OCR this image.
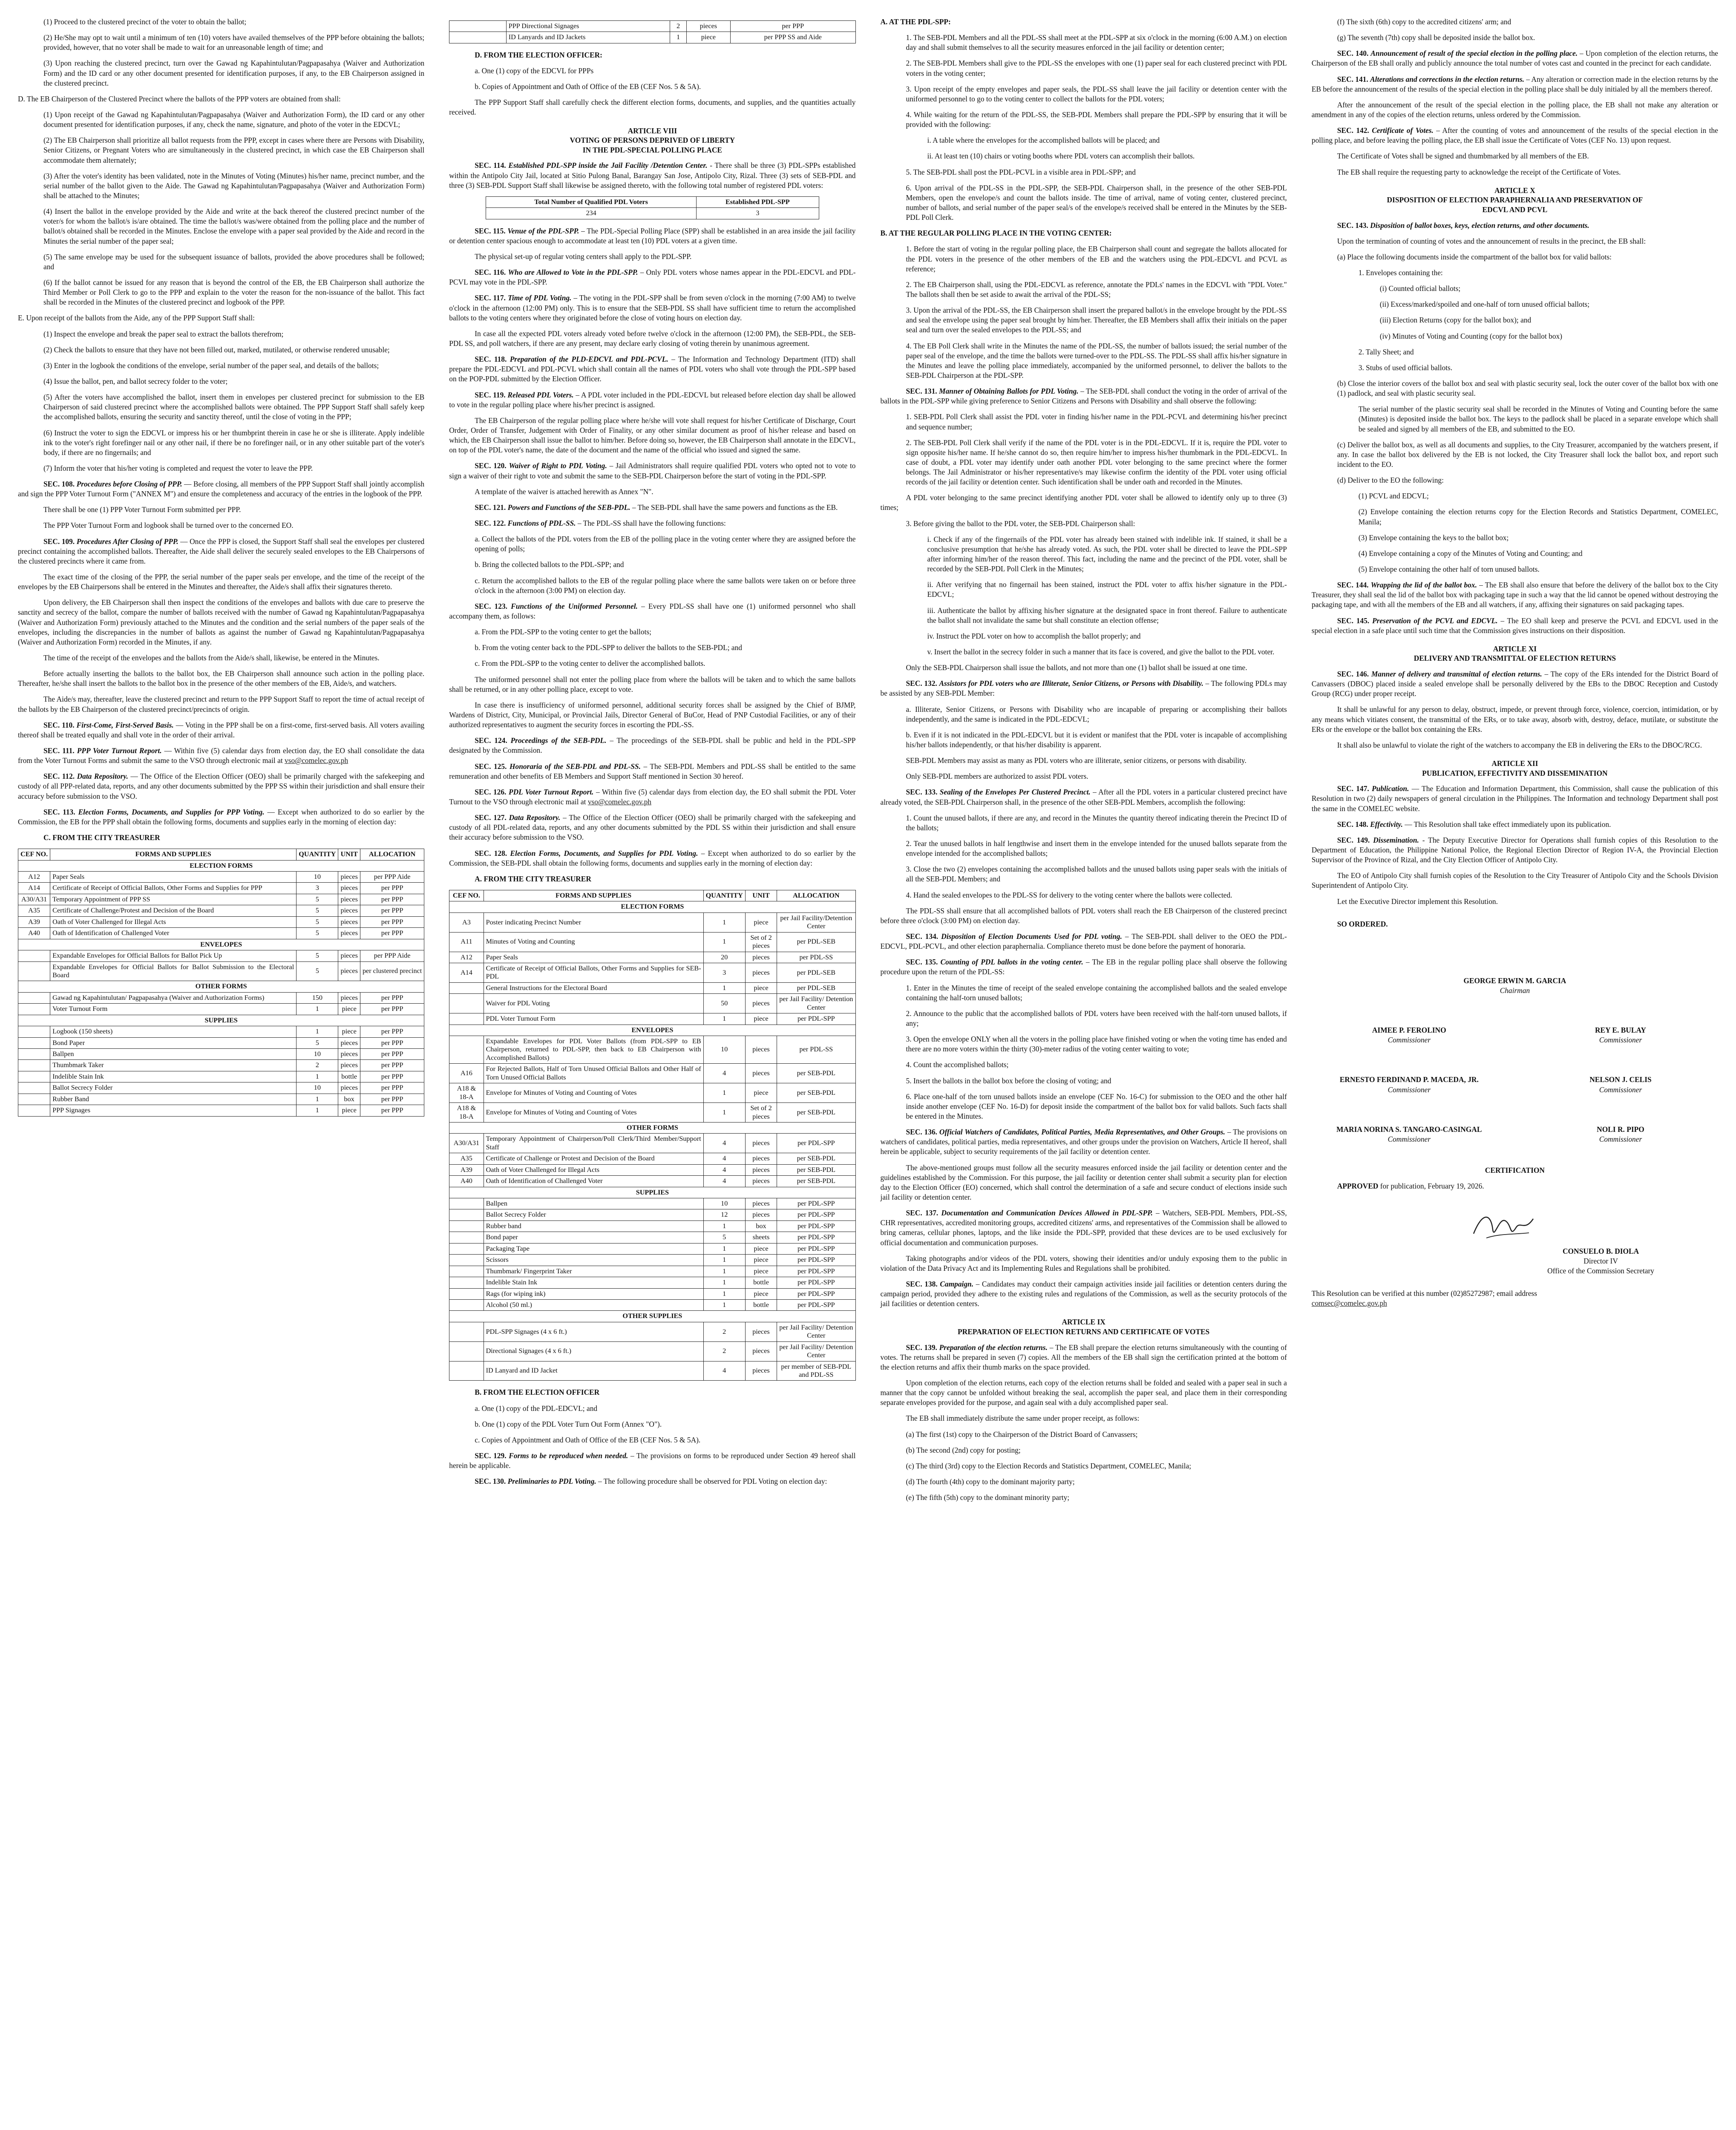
(1) Proceed to the clustered precinct of the voter to obtain the ballot;

(2) He/She may opt to wait until a minimum of ten (10) voters have availed themselves of the PPP before obtaining the ballots; provided, however, that no voter shall be made to wait for an unreasonable length of time; and

(3) Upon reaching the clustered precinct, turn over the Gawad ng Kapahintulutan/Pagpapasahya (Waiver and Authorization Form) and the ID card or any other document presented for identification purposes, if any, to the EB Chairperson assigned in the clustered precinct.

D. The EB Chairperson of the Clustered Precinct where the ballots of the PPP voters are obtained from shall:

(1) Upon receipt of the Gawad ng Kapahintulutan/Pagpapasahya (Waiver and Authorization Form), the ID card or any other document presented for identification purposes, if any, check the name, signature, and photo of the voter in the EDCVL;

(2) The EB Chairperson shall prioritize all ballot requests from the PPP, except in cases where there are Persons with Disability, Senior Citizens, or Pregnant Voters who are simultaneously in the clustered precinct, in which case the EB Chairperson shall accommodate them alternately;

(3) After the voter's identity has been validated, note in the Minutes of Voting (Minutes) his/her name, precinct number, and the serial number of the ballot given to the Aide. The Gawad ng Kapahintulutan/Pagpapasahya (Waiver and Authorization Form) shall be attached to the Minutes;

(4) Insert the ballot in the envelope provided by the Aide and write at the back thereof the clustered precinct number of the voter/s for whom the ballot/s is/are obtained. The time the ballot/s was/were obtained from the polling place and the number of ballot/s obtained shall be recorded in the Minutes. Enclose the envelope with a paper seal provided by the Aide and record in the Minutes the serial number of the paper seal;

(5) The same envelope may be used for the subsequent issuance of ballots, provided the above procedures shall be followed; and

(6) If the ballot cannot be issued for any reason that is beyond the control of the EB, the EB Chairperson shall authorize the Third Member or Poll Clerk to go to the PPP and explain to the voter the reason for the non-issuance of the ballot. This fact shall be recorded in the Minutes of the clustered precinct and logbook of the PPP.

E. Upon receipt of the ballots from the Aide, any of the PPP Support Staff shall:

(1) Inspect the envelope and break the paper seal to extract the ballots therefrom;

(2) Check the ballots to ensure that they have not been filled out, marked, mutilated, or otherwise rendered unusable;

(3) Enter in the logbook the conditions of the envelope, serial number of the paper seal, and details of the ballots;

(4) Issue the ballot, pen, and ballot secrecy folder to the voter;

(5) After the voters have accomplished the ballot, insert them in envelopes per clustered precinct for submission to the EB Chairperson of said clustered precinct where the accomplished ballots were obtained. The PPP Support Staff shall safely keep the accomplished ballots, ensuring the security and sanctity thereof, until the close of voting in the PPP;

(6) Instruct the voter to sign the EDCVL or impress his or her thumbprint therein in case he or she is illiterate. Apply indelible ink to the voter's right forefinger nail or any other nail, if there be no forefinger nail, or in any other suitable part of the voter's body, if there are no fingernails; and

(7) Inform the voter that his/her voting is completed and request the voter to leave the PPP.

SEC. 108. Procedures before Closing of PPP. — Before closing, all members of the PPP Support Staff shall jointly accomplish and sign the PPP Voter Turnout Form ("ANNEX M") and ensure the completeness and accuracy of the entries in the logbook of the PPP.

There shall be one (1) PPP Voter Turnout Form submitted per PPP.

The PPP Voter Turnout Form and logbook shall be turned over to the concerned EO.

SEC. 109. Procedures After Closing of PPP. — Once the PPP is closed, the Support Staff shall seal the envelopes per clustered precinct containing the accomplished ballots. Thereafter, the Aide shall deliver the securely sealed envelopes to the EB Chairpersons of the clustered precincts where it came from.

The exact time of the closing of the PPP, the serial number of the paper seals per envelope, and the time of the receipt of the envelopes by the EB Chairpersons shall be entered in the Minutes and thereafter, the Aide/s shall affix their signatures thereto.

Upon delivery, the EB Chairperson shall then inspect the conditions of the envelopes and ballots with due care to preserve the sanctity and secrecy of the ballot, compare the number of ballots received with the number of Gawad ng Kapahintulutan/Pagpapasahya (Waiver and Authorization Form) previously attached to the Minutes and the condition and the serial numbers of the paper seals of the envelopes, including the discrepancies in the number of ballots as against the number of Gawad ng Kapahintulutan/Pagpapasahya (Waiver and Authorization Form) recorded in the Minutes, if any.

The time of the receipt of the envelopes and the ballots from the Aide/s shall, likewise, be entered in the Minutes.

Before actually inserting the ballots to the ballot box, the EB Chairperson shall announce such action in the polling place. Thereafter, he/she shall insert the ballots to the ballot box in the presence of the other members of the EB, Aide/s, and watchers.

The Aide/s may, thereafter, leave the clustered precinct and return to the PPP Support Staff to report the time of actual receipt of the ballots by the EB Chairperson of the clustered precinct/precincts of origin.

SEC. 110. First-Come, First-Served Basis. — Voting in the PPP shall be on a first-come, first-served basis. All voters availing thereof shall be treated equally and shall vote in the order of their arrival.

SEC. 111. PPP Voter Turnout Report. — Within five (5) calendar days from election day, the EO shall consolidate the data from the Voter Turnout Forms and submit the same to the VSO through electronic mail at vso@comelec.gov.ph

SEC. 112. Data Repository. — The Office of the Election Officer (OEO) shall be primarily charged with the safekeeping and custody of all PPP-related data, reports, and any other documents submitted by the PPP SS within their jurisdiction and shall ensure their accuracy before submission to the VSO.

SEC. 113. Election Forms, Documents, and Supplies for PPP Voting. — Except when authorized to do so earlier by the Commission, the EB for the PPP shall obtain the following forms, documents and supplies early in the morning of election day:

C. FROM THE CITY TREASURER

CEF NO.	FORMS AND SUPPLIES	QUANTITY	UNIT	ALLOCATION
ELECTION FORMS				
A12	Paper Seals	10	pieces	per PPP Aide
A14	Certificate of Receipt of Official Ballots, Other Forms and Supplies for PPP	3	pieces	per PPP
A30/A31	Temporary Appointment of PPP SS	5	pieces	per PPP
A35	Certificate of Challenge/Protest and Decision of the Board	5	pieces	per PPP
A39	Oath of Voter Challenged for Illegal Acts	5	pieces	per PPP
A40	Oath of Identification of Challenged Voter	5	pieces	per PPP
ENVELOPES				
	Expandable Envelopes for Official Ballots for Ballot Pick Up	5	pieces	per PPP Aide
	Expandable Envelopes for Official Ballots for Ballot Submission to the Electoral Board	5	pieces	per clustered precinct
OTHER FORMS				
	Gawad ng Kapahintulutan/ Pagpapasahya (Waiver and Authorization Forms)	150	pieces	per PPP
	Voter Turnout Form	1	piece	per PPP
SUPPLIES				
	Logbook (150 sheets)	1	piece	per PPP
	Bond Paper	5	pieces	per PPP
	Ballpen	10	pieces	per PPP
	Thumbmark Taker	2	pieces	per PPP
	Indelible Stain Ink	1	bottle	per PPP
	Ballot Secrecy Folder	10	pieces	per PPP
	Rubber Band	1	box	per PPP
	PPP Signages	1	piece	per PPP
	PPP Directional Signages	2	pieces	per PPP
	ID Lanyards and ID Jackets	1	piece	per PPP SS and Aide

D. FROM THE ELECTION OFFICER:

a. One (1) copy of the EDCVL for PPPs

b. Copies of Appointment and Oath of Office of the EB (CEF Nos. 5 & 5A).

The PPP Support Staff shall carefully check the different election forms, documents, and supplies, and the quantities actually received.

ARTICLE VIII
VOTING OF PERSONS DEPRIVED OF LIBERTY
IN THE PDL-SPECIAL POLLING PLACE

SEC. 114. Established PDL-SPP inside the Jail Facility /Detention Center. - There shall be three (3) PDL-SPPs established within the Antipolo City Jail, located at Sitio Pulong Banal, Barangay San Jose, Antipolo City, Rizal. Three (3) sets of SEB-PDL and three (3) SEB-PDL Support Staff shall likewise be assigned thereto, with the following total number of registered PDL voters:

Total Number of Qualified PDL Voters	Established PDL-SPP
234	3

SEC. 115. Venue of the PDL-SPP. – The PDL-Special Polling Place (SPP) shall be established in an area inside the jail facility or detention center spacious enough to accommodate at least ten (10) PDL voters at a given time.

The physical set-up of regular voting centers shall apply to the PDL-SPP.

SEC. 116. Who are Allowed to Vote in the PDL-SPP. – Only PDL voters whose names appear in the PDL-EDCVL and PDL-PCVL may vote in the PDL-SPP.

SEC. 117. Time of PDL Voting. – The voting in the PDL-SPP shall be from seven o'clock in the morning (7:00 AM) to twelve o'clock in the afternoon (12:00 PM) only. This is to ensure that the SEB-PDL SS shall have sufficient time to return the accomplished ballots to the voting centers where they originated before the close of voting hours on election day.

In case all the expected PDL voters already voted before twelve o'clock in the afternoon (12:00 PM), the SEB-PDL, the SEB-PDL SS, and poll watchers, if there are any present, may declare early closing of voting therein by unanimous agreement.

SEC. 118. Preparation of the PLD-EDCVL and PDL-PCVL. – The Information and Technology Department (ITD) shall prepare the PDL-EDCVL and PDL-PCVL which shall contain all the names of PDL voters who shall vote through the PDL-SPP based on the POP-PDL submitted by the Election Officer.

SEC. 119. Released PDL Voters. – A PDL voter included in the PDL-EDCVL but released before election day shall be allowed to vote in the regular polling place where his/her precinct is assigned.

The EB Chairperson of the regular polling place where he/she will vote shall request for his/her Certificate of Discharge, Court Order, Order of Transfer, Judgement with Order of Finality, or any other similar document as proof of his/her release and based on which, the EB Chairperson shall issue the ballot to him/her. Before doing so, however, the EB Chairperson shall annotate in the EDCVL, on top of the PDL voter's name, the date of the document and the name of the official who issued and signed the same.

SEC. 120. Waiver of Right to PDL Voting. – Jail Administrators shall require qualified PDL voters who opted not to vote to sign a waiver of their right to vote and submit the same to the SEB-PDL Chairperson before the start of voting in the PDL-SPP.

A template of the waiver is attached herewith as Annex "N".

SEC. 121. Powers and Functions of the SEB-PDL. – The SEB-PDL shall have the same powers and functions as the EB.

SEC. 122. Functions of PDL-SS. – The PDL-SS shall have the following functions:

a. Collect the ballots of the PDL voters from the EB of the polling place in the voting center where they are assigned before the opening of polls;

b. Bring the collected ballots to the PDL-SPP; and

c. Return the accomplished ballots to the EB of the regular polling place where the same ballots were taken on or before three o'clock in the afternoon (3:00 PM) on election day.

SEC. 123. Functions of the Uniformed Personnel. – Every PDL-SS shall have one (1) uniformed personnel who shall accompany them, as follows:

a. From the PDL-SPP to the voting center to get the ballots;

b. From the voting center back to the PDL-SPP to deliver the ballots to the SEB-PDL; and

c. From the PDL-SPP to the voting center to deliver the accomplished ballots.

The uniformed personnel shall not enter the polling place from where the ballots will be taken and to which the same ballots shall be returned, or in any other polling place, except to vote.

In case there is insufficiency of uniformed personnel, additional security forces shall be assigned by the Chief of BJMP, Wardens of District, City, Municipal, or Provincial Jails, Director General of BuCor, Head of PNP Custodial Facilities, or any of their authorized representatives to augment the security forces in escorting the PDL-SS.

SEC. 124. Proceedings of the SEB-PDL. – The proceedings of the SEB-PDL shall be public and held in the PDL-SPP designated by the Commission.

SEC. 125. Honoraria of the SEB-PDL and PDL-SS. – The SEB-PDL Members and PDL-SS shall be entitled to the same remuneration and other benefits of EB Members and Support Staff mentioned in Section 30 hereof.

SEC. 126. PDL Voter Turnout Report. – Within five (5) calendar days from election day, the EO shall submit the PDL Voter Turnout to the VSO through electronic mail at vso@comelec.gov.ph

SEC. 127. Data Repository. – The Office of the Election Officer (OEO) shall be primarily charged with the safekeeping and custody of all PDL-related data, reports, and any other documents submitted by the PDL SS within their jurisdiction and shall ensure their accuracy before submission to the VSO.

SEC. 128. Election Forms, Documents, and Supplies for PDL Voting. – Except when authorized to do so earlier by the Commission, the SEB-PDL shall obtain the following forms, documents and supplies early in the morning of election day:

A. FROM THE CITY TREASURER

CEF NO.	FORMS AND SUPPLIES	QUANTITY	UNIT	ALLOCATION
ELECTION FORMS				
A3	Poster indicating Precinct Number	1	piece	per Jail Facility/Detention Center
A11	Minutes of Voting and Counting	1	Set of 2 pieces	per PDL-SEB
A12	Paper Seals	20	pieces	per PDL-SS
A14	Certificate of Receipt of Official Ballots, Other Forms and Supplies for SEB-PDL	3	pieces	per PDL-SEB
	General Instructions for the Electoral Board	1	piece	per PDL-SEB
	Waiver for PDL Voting	50	pieces	per Jail Facility/ Detention Center
	PDL Voter Turnout Form	1	piece	per PDL-SPP
ENVELOPES				
	Expandable Envelopes for PDL Voter Ballots (from PDL-SPP to EB Chairperson, returned to PDL-SPP, then back to EB Chairperson with Accomplished Ballots)	10	pieces	per PDL-SS
A16	For Rejected Ballots, Half of Torn Unused Official Ballots and Other Half of Torn Unused Official Ballots	4	pieces	per SEB-PDL
A18 & 18-A	Envelope for Minutes of Voting and Counting of Votes	1	piece	per SEB-PDL
A18 & 18-A	Envelope for Minutes of Voting and Counting of Votes	1	Set of 2 pieces	per SEB-PDL
OTHER FORMS				
A30/A31	Temporary Appointment of Chairperson/Poll Clerk/Third Member/Support Staff	4	pieces	per PDL-SPP
A35	Certificate of Challenge or Protest and Decision of the Board	4	pieces	per SEB-PDL
A39	Oath of Voter Challenged for Illegal Acts	4	pieces	per SEB-PDL
A40	Oath of Identification of Challenged Voter	4	pieces	per SEB-PDL
SUPPLIES				
	Ballpen	10	pieces	per PDL-SPP
	Ballot Secrecy Folder	12	pieces	per PDL-SPP
	Rubber band	1	box	per PDL-SPP
	Bond paper	5	sheets	per PDL-SPP
	Packaging Tape	1	piece	per PDL-SPP
	Scissors	1	piece	per PDL-SPP
	Thumbmark/ Fingerprint Taker	1	piece	per PDL-SPP
	Indelible Stain Ink	1	bottle	per PDL-SPP
	Rags (for wiping ink)	1	piece	per PDL-SPP
	Alcohol (50 ml.)	1	bottle	per PDL-SPP
OTHER SUPPLIES				
	PDL-SPP Signages (4 x 6 ft.)	2	pieces	per Jail Facility/ Detention Center
	Directional Signages (4 x 6 ft.)	2	pieces	per Jail Facility/ Detention Center
	ID Lanyard and ID Jacket	4	pieces	per member of SEB-PDL and PDL-SS

B. FROM THE ELECTION OFFICER

a. One (1) copy of the PDL-EDCVL; and

b. One (1) copy of the PDL Voter Turn Out Form (Annex "O").

c. Copies of Appointment and Oath of Office of the EB (CEF Nos. 5 & 5A).

SEC. 129. Forms to be reproduced when needed. – The provisions on forms to be reproduced under Section 49 hereof shall herein be applicable.

SEC. 130. Preliminaries to PDL Voting. – The following procedure shall be observed for PDL Voting on election day:

A. AT THE PDL-SPP:

1. The SEB-PDL Members and all the PDL-SS shall meet at the PDL-SPP at six o'clock in the morning (6:00 A.M.) on election day and shall submit themselves to all the security measures enforced in the jail facility or detention center;

2. The SEB-PDL Members shall give to the PDL-SS the envelopes with one (1) paper seal for each clustered precinct with PDL voters in the voting center;

3. Upon receipt of the empty envelopes and paper seals, the PDL-SS shall leave the jail facility or detention center with the uniformed personnel to go to the voting center to collect the ballots for the PDL voters;

4. While waiting for the return of the PDL-SS, the SEB-PDL Members shall prepare the PDL-SPP by ensuring that it will be provided with the following:

i. A table where the envelopes for the accomplished ballots will be placed; and

ii. At least ten (10) chairs or voting booths where PDL voters can accomplish their ballots.

5. The SEB-PDL shall post the PDL-PCVL in a visible area in PDL-SPP; and

6. Upon arrival of the PDL-SS in the PDL-SPP, the SEB-PDL Chairperson shall, in the presence of the other SEB-PDL Members, open the envelope/s and count the ballots inside. The time of arrival, name of voting center, clustered precinct, number of ballots, and serial number of the paper seal/s of the envelope/s received shall be entered in the Minutes by the SEB-PDL Poll Clerk.

B. AT THE REGULAR POLLING PLACE IN THE VOTING CENTER:

1. Before the start of voting in the regular polling place, the EB Chairperson shall count and segregate the ballots allocated for the PDL voters in the presence of the other members of the EB and the watchers using the PDL-EDCVL and PCVL as reference;

2. The EB Chairperson shall, using the PDL-EDCVL as reference, annotate the PDLs' names in the EDCVL with "PDL Voter." The ballots shall then be set aside to await the arrival of the PDL-SS;

3. Upon the arrival of the PDL-SS, the EB Chairperson shall insert the prepared ballot/s in the envelope brought by the PDL-SS and seal the envelope using the paper seal brought by him/her. Thereafter, the EB Members shall affix their initials on the paper seal and turn over the sealed envelopes to the PDL-SS; and

4. The EB Poll Clerk shall write in the Minutes the name of the PDL-SS, the number of ballots issued; the serial number of the paper seal of the envelope, and the time the ballots were turned-over to the PDL-SS. The PDL-SS shall affix his/her signature in the Minutes and leave the polling place immediately, accompanied by the uniformed personnel, to deliver the ballots to the SEB-PDL Chairperson at the PDL-SPP.

SEC. 131. Manner of Obtaining Ballots for PDL Voting. – The SEB-PDL shall conduct the voting in the order of arrival of the ballots in the PDL-SPP while giving preference to Senior Citizens and Persons with Disability and shall observe the following:

1. SEB-PDL Poll Clerk shall assist the PDL voter in finding his/her name in the PDL-PCVL and determining his/her precinct and sequence number;

2. The SEB-PDL Poll Clerk shall verify if the name of the PDL voter is in the PDL-EDCVL. If it is, require the PDL voter to sign opposite his/her name. If he/she cannot do so, then require him/her to impress his/her thumbmark in the PDL-EDCVL. In case of doubt, a PDL voter may identify under oath another PDL voter belonging to the same precinct where the former belongs. The Jail Administrator or his/her representative/s may likewise confirm the identity of the PDL voter using official records of the jail facility or detention center. Such identification shall be under oath and recorded in the Minutes.

A PDL voter belonging to the same precinct identifying another PDL voter shall be allowed to identify only up to three (3) times;

3. Before giving the ballot to the PDL voter, the SEB-PDL Chairperson shall:

i. Check if any of the fingernails of the PDL voter has already been stained with indelible ink. If stained, it shall be a conclusive presumption that he/she has already voted. As such, the PDL voter shall be directed to leave the PDL-SPP after informing him/her of the reason thereof. This fact, including the name and the precinct of the PDL voter, shall be recorded by the SEB-PDL Poll Clerk in the Minutes;

ii. After verifying that no fingernail has been stained, instruct the PDL voter to affix his/her signature in the PDL-EDCVL;

iii. Authenticate the ballot by affixing his/her signature at the designated space in front thereof. Failure to authenticate the ballot shall not invalidate the same but shall constitute an election offense;

iv. Instruct the PDL voter on how to accomplish the ballot properly; and

v. Insert the ballot in the secrecy folder in such a manner that its face is covered, and give the ballot to the PDL voter.

Only the SEB-PDL Chairperson shall issue the ballots, and not more than one (1) ballot shall be issued at one time.

SEC. 132. Assistors for PDL voters who are Illiterate, Senior Citizens, or Persons with Disability. – The following PDLs may be assisted by any SEB-PDL Member:

a. Illiterate, Senior Citizens, or Persons with Disability who are incapable of preparing or accomplishing their ballots independently, and the same is indicated in the PDL-EDCVL;

b. Even if it is not indicated in the PDL-EDCVL but it is evident or manifest that the PDL voter is incapable of accomplishing his/her ballots independently, or that his/her disability is apparent.

SEB-PDL Members may assist as many as PDL voters who are illiterate, senior citizens, or persons with disability.

Only SEB-PDL members are authorized to assist PDL voters.

SEC. 133. Sealing of the Envelopes Per Clustered Precinct. – After all the PDL voters in a particular clustered precinct have already voted, the SEB-PDL Chairperson shall, in the presence of the other SEB-PDL Members, accomplish the following:

1. Count the unused ballots, if there are any, and record in the Minutes the quantity thereof indicating therein the Precinct ID of the ballots;

2. Tear the unused ballots in half lengthwise and insert them in the envelope intended for the unused ballots separate from the envelope intended for the accomplished ballots;

3. Close the two (2) envelopes containing the accomplished ballots and the unused ballots using paper seals with the initials of all the SEB-PDL Members; and

4. Hand the sealed envelopes to the PDL-SS for delivery to the voting center where the ballots were collected.

The PDL-SS shall ensure that all accomplished ballots of PDL voters shall reach the EB Chairperson of the clustered precinct before three o'clock (3:00 PM) on election day.

SEC. 134. Disposition of Election Documents Used for PDL voting. – The SEB-PDL shall deliver to the OEO the PDL-EDCVL, PDL-PCVL, and other election paraphernalia. Compliance thereto must be done before the payment of honoraria.

SEC. 135. Counting of PDL ballots in the voting center. – The EB in the regular polling place shall observe the following procedure upon the return of the PDL-SS:

1. Enter in the Minutes the time of receipt of the sealed envelope containing the accomplished ballots and the sealed envelope containing the half-torn unused ballots;

2. Announce to the public that the accomplished ballots of PDL voters have been received with the half-torn unused ballots, if any;

3. Open the envelope ONLY when all the voters in the polling place have finished voting or when the voting time has ended and there are no more voters within the thirty (30)-meter radius of the voting center waiting to vote;

4. Count the accomplished ballots;

5. Insert the ballots in the ballot box before the closing of voting; and

6. Place one-half of the torn unused ballots inside an envelope (CEF No. 16-C) for submission to the OEO and the other half inside another envelope (CEF No. 16-D) for deposit inside the compartment of the ballot box for valid ballots. Such facts shall be entered in the Minutes.

SEC. 136. Official Watchers of Candidates, Political Parties, Media Representatives, and Other Groups. – The provisions on watchers of candidates, political parties, media representatives, and other groups under the provision on Watchers, Article II hereof, shall herein be applicable, subject to security requirements of the jail facility or detention center.

The above-mentioned groups must follow all the security measures enforced inside the jail facility or detention center and the guidelines established by the Commission. For this purpose, the jail facility or detention center shall submit a security plan for election day to the Election Officer (EO) concerned, which shall control the determination of a safe and secure conduct of elections inside such jail facility or detention center.

SEC. 137. Documentation and Communication Devices Allowed in PDL-SPP. – Watchers, SEB-PDL Members, PDL-SS, CHR representatives, accredited monitoring groups, accredited citizens' arms, and representatives of the Commission shall be allowed to bring cameras, cellular phones, laptops, and the like inside the PDL-SPP, provided that these devices are to be used exclusively for official documentation and communication purposes.

Taking photographs and/or videos of the PDL voters, showing their identities and/or unduly exposing them to the public in violation of the Data Privacy Act and its Implementing Rules and Regulations shall be prohibited.

SEC. 138. Campaign. – Candidates may conduct their campaign activities inside jail facilities or detention centers during the campaign period, provided they adhere to the existing rules and regulations of the Commission, as well as the security protocols of the jail facilities or detention centers.

ARTICLE IX
PREPARATION OF ELECTION RETURNS AND CERTIFICATE OF VOTES

SEC. 139. Preparation of the election returns. – The EB shall prepare the election returns simultaneously with the counting of votes. The returns shall be prepared in seven (7) copies. All the members of the EB shall sign the certification printed at the bottom of the election returns and affix their thumb marks on the space provided.

Upon completion of the election returns, each copy of the election returns shall be folded and sealed with a paper seal in such a manner that the copy cannot be unfolded without breaking the seal, accomplish the paper seal, and place them in their corresponding separate envelopes provided for the purpose, and again seal with a duly accomplished paper seal.

The EB shall immediately distribute the same under proper receipt, as follows:

(a) The first (1st) copy to the Chairperson of the District Board of Canvassers;

(b) The second (2nd) copy for posting;

(c) The third (3rd) copy to the Election Records and Statistics Department, COMELEC, Manila;

(d) The fourth (4th) copy to the dominant majority party;

(e) The fifth (5th) copy to the dominant minority party;

(f) The sixth (6th) copy to the accredited citizens' arm; and

(g) The seventh (7th) copy shall be deposited inside the ballot box.

SEC. 140. Announcement of result of the special election in the polling place. – Upon completion of the election returns, the Chairperson of the EB shall orally and publicly announce the total number of votes cast and counted in the precinct for each candidate.

SEC. 141. Alterations and corrections in the election returns. – Any alteration or correction made in the election returns by the EB before the announcement of the results of the special election in the polling place shall be duly initialed by all the members thereof.

After the announcement of the result of the special election in the polling place, the EB shall not make any alteration or amendment in any of the copies of the election returns, unless ordered by the Commission.

SEC. 142. Certificate of Votes. – After the counting of votes and announcement of the results of the special election in the polling place, and before leaving the polling place, the EB shall issue the Certificate of Votes (CEF No. 13) upon request.

The Certificate of Votes shall be signed and thumbmarked by all members of the EB.

The EB shall require the requesting party to acknowledge the receipt of the Certificate of Votes.

ARTICLE X
DISPOSITION OF ELECTION PARAPHERNALIA AND PRESERVATION OF
EDCVL AND PCVL

SEC. 143. Disposition of ballot boxes, keys, election returns, and other documents.

Upon the termination of counting of votes and the announcement of results in the precinct, the EB shall:

(a) Place the following documents inside the compartment of the ballot box for valid ballots:

1. Envelopes containing the:

(i) Counted official ballots;

(ii) Excess/marked/spoiled and one-half of torn unused official ballots;

(iii) Election Returns (copy for the ballot box); and

(iv) Minutes of Voting and Counting (copy for the ballot box)

2. Tally Sheet; and

3. Stubs of used official ballots.

(b) Close the interior covers of the ballot box and seal with plastic security seal, lock the outer cover of the ballot box with one (1) padlock, and seal with plastic security seal.

The serial number of the plastic security seal shall be recorded in the Minutes of Voting and Counting before the same (Minutes) is deposited inside the ballot box. The keys to the padlock shall be placed in a separate envelope which shall be sealed and signed by all members of the EB, and submitted to the EO.

(c) Deliver the ballot box, as well as all documents and supplies, to the City Treasurer, accompanied by the watchers present, if any. In case the ballot box delivered by the EB is not locked, the City Treasurer shall lock the ballot box, and report such incident to the EO.

(d) Deliver to the EO the following:

(1) PCVL and EDCVL;

(2) Envelope containing the election returns copy for the Election Records and Statistics Department, COMELEC, Manila;

(3) Envelope containing the keys to the ballot box;

(4) Envelope containing a copy of the Minutes of Voting and Counting; and

(5) Envelope containing the other half of torn unused ballots.

SEC. 144. Wrapping the lid of the ballot box. – The EB shall also ensure that before the delivery of the ballot box to the City Treasurer, they shall seal the lid of the ballot box with packaging tape in such a way that the lid cannot be opened without destroying the packaging tape, and with all the members of the EB and all watchers, if any, affixing their signatures on said packaging tapes.

SEC. 145. Preservation of the PCVL and EDCVL. – The EO shall keep and preserve the PCVL and EDCVL used in the special election in a safe place until such time that the Commission gives instructions on their disposition.

ARTICLE XI
DELIVERY AND TRANSMITTAL OF ELECTION RETURNS

SEC. 146. Manner of delivery and transmittal of election returns. – The copy of the ERs intended for the District Board of Canvassers (DBOC) placed inside a sealed envelope shall be personally delivered by the EBs to the DBOC Reception and Custody Group (RCG) under proper receipt.

It shall be unlawful for any person to delay, obstruct, impede, or prevent through force, violence, coercion, intimidation, or by any means which vitiates consent, the transmittal of the ERs, or to take away, absorb with, destroy, deface, mutilate, or substitute the ERs or the envelope or the ballot box containing the ERs.

It shall also be unlawful to violate the right of the watchers to accompany the EB in delivering the ERs to the DBOC/RCG.

ARTICLE XII
PUBLICATION, EFFECTIVITY AND DISSEMINATION

SEC. 147. Publication. — The Education and Information Department, this Commission, shall cause the publication of this Resolution in two (2) daily newspapers of general circulation in the Philippines. The Information and technology Department shall post the same in the COMELEC website.

SEC. 148. Effectivity. — This Resolution shall take effect immediately upon its publication.

SEC. 149. Dissemination. - The Deputy Executive Director for Operations shall furnish copies of this Resolution to the Department of Education, the Philippine National Police, the Regional Election Director of Region IV-A, the Provincial Election Supervisor of the Province of Rizal, and the City Election Officer of Antipolo City.

The EO of Antipolo City shall furnish copies of the Resolution to the City Treasurer of Antipolo City and the Schools Division Superintendent of Antipolo City.

Let the Executive Director implement this Resolution.

SO ORDERED.

GEORGE ERWIN M. GARCIA
Chairman
AIMEE P. FEROLINO
Commissioner
REY E. BULAY
Commissioner
ERNESTO FERDINAND P. MACEDA, JR.
Commissioner
NELSON J. CELIS
Commissioner
MARIA NORINA S. TANGARO-CASINGAL
Commissioner
NOLI R. PIPO
Commissioner
CERTIFICATION

APPROVED for publication, February 19, 2026.

CONSUELO B. DIOLA
Director IV
Office of the Commission Secretary

This Resolution can be verified at this number (02)85272987; email address
comsec@comelec.gov.ph
